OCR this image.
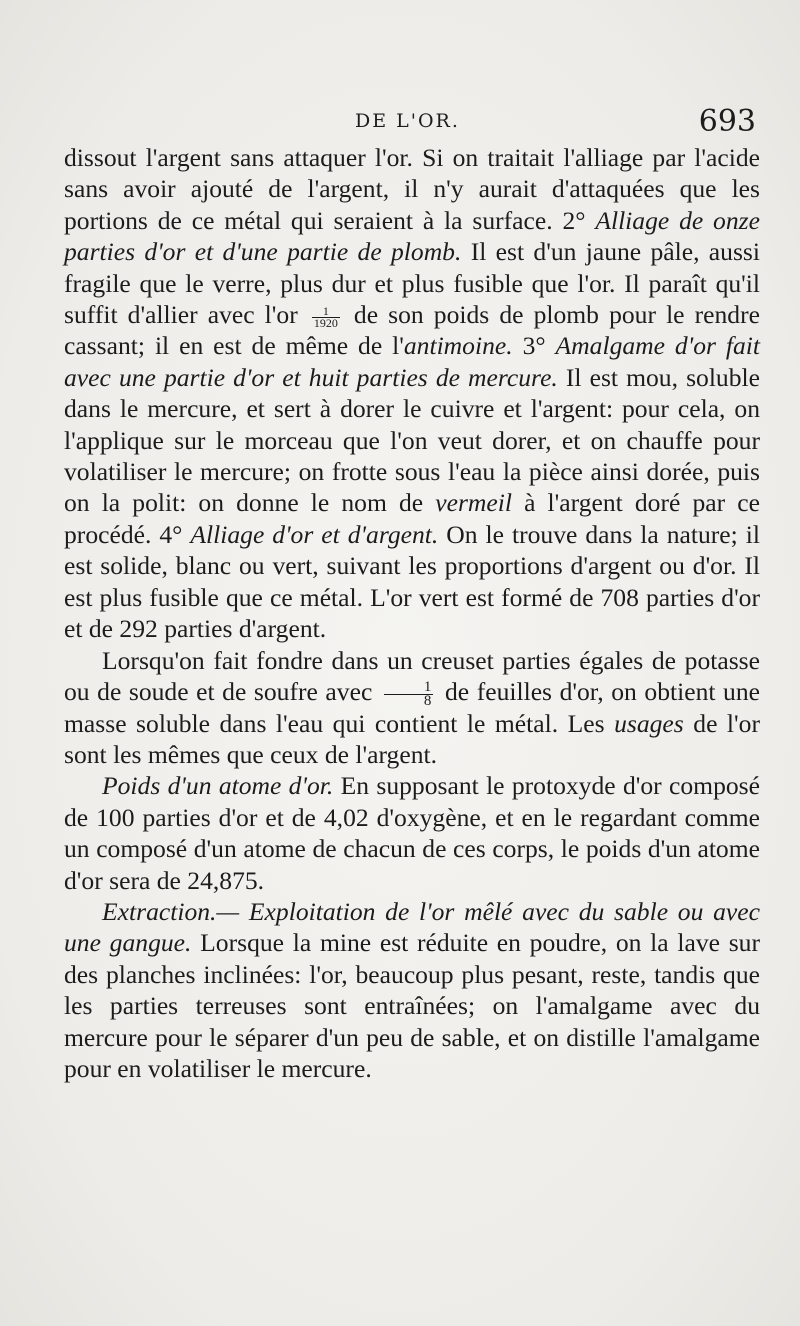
DE L'OR.	693

dissout l'argent sans attaquer l'or. Si on traitait l'alliage par l'acide sans avoir ajouté de l'argent, il n'y aurait d'attaquées que les portions de ce métal qui seraient à la surface. 2° Alliage de onze parties d'or et d'une partie de plomb. Il est d'un jaune pâle, aussi fragile que le verre, plus dur et plus fusible que l'or. Il paraît qu'il suffit d'allier avec $l'or \frac{1}{1920}$ de son poids de plomb pour le rendre cassant; il en est de même de l'antimoine. 3° Amalgame d'or fait avec une partie d'or et huit parties de mercure. Il est mou, soluble dans le mercure, et sert à dorer le cuivre et l'argent: pour cela, on l'applique sur le morceau que l'on veut dorer, et on chauffe pour volatiliser le mercure; on frotte sous l'eau la pièce ainsi dorée, puis on la polit: on donne le nom de vermeil à l'argent doré par ce procédé. 4° Alliage d'or et d'argent. On le trouve dans la nature; il est solide, blanc ou vert, suivant les proportions d'argent ou d'or. Il est plus fusible que ce métal. L'or vert est formé de 708 parties d'or et de 292 parties d'argent.

Lorsqu'on fait fondre dans un creuset parties égales de potasse ou de soude et de soufre avec $\frac{1}{8}$ de feuilles d'or, on obtient une masse soluble dans l'eau qui contient le métal. Les usages de l'or sont les mêmes que ceux de l'argent.

Poids d'un atome d'or. En supposant le protoxyde d'or composé de 100 parties d'or et de 4,02 d'oxygène, et en le regardant comme un composé d'un atome de chacun de ces corps, le poids d'un atome d'or sera de 24,875.

Extraction.— Exploitation de l'or mêlé avec du sable ou avec une gangue. Lorsque la mine est réduite en poudre, on la lave sur des planches inclinées: l'or, beaucoup plus pesant, reste, tandis que les parties terreuses sont entraînées; on l'amalgame avec du mercure pour le séparer d'un peu de sable, et on distille l'amalgame pour en volatiliser le mercure.
